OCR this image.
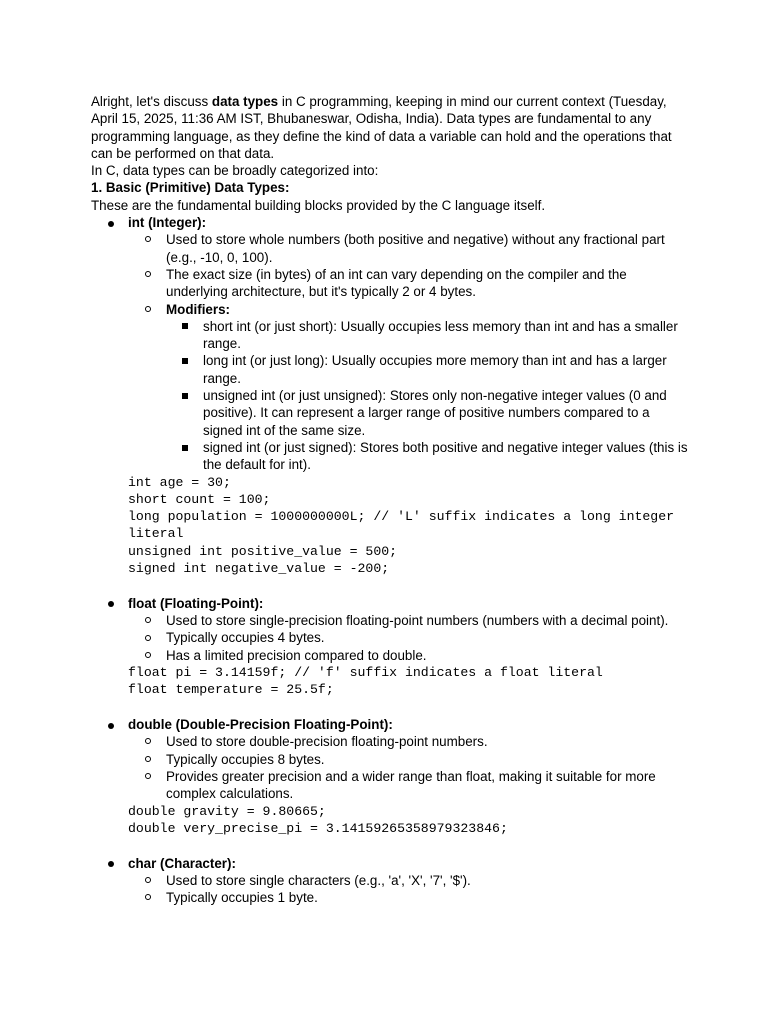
Alright, let's discuss data types in C programming, keeping in mind our current context (Tuesday, April 15, 2025, 11:36 AM IST, Bhubaneswar, Odisha, India). Data types are fundamental to any programming language, as they define the kind of data a variable can hold and the operations that can be performed on that data.

In C, data types can be broadly categorized into:

1. Basic (Primitive) Data Types:

These are the fundamental building blocks provided by the C language itself.

int (Integer):
Used to store whole numbers (both positive and negative) without any fractional part (e.g., -10, 0, 100).
The exact size (in bytes) of an int can vary depending on the compiler and the underlying architecture, but it's typically 2 or 4 bytes.
Modifiers:
short int (or just short): Usually occupies less memory than int and has a smaller range.
long int (or just long): Usually occupies more memory than int and has a larger range.
unsigned int (or just unsigned): Stores only non-negative integer values (0 and positive). It can represent a larger range of positive numbers compared to a signed int of the same size.
signed int (or just signed): Stores both positive and negative integer values (this is the default for int).
int age = 30;
short count = 100;
long population = 1000000000L; // 'L' suffix indicates a long integer literal
unsigned int positive_value = 500;
signed int negative_value = -200;
float (Floating-Point):
Used to store single-precision floating-point numbers (numbers with a decimal point).
Typically occupies 4 bytes.
Has a limited precision compared to double.
float pi = 3.14159f; // 'f' suffix indicates a float literal
float temperature = 25.5f;
double (Double-Precision Floating-Point):
Used to store double-precision floating-point numbers.
Typically occupies 8 bytes.
Provides greater precision and a wider range than float, making it suitable for more complex calculations.
double gravity = 9.80665;
double very_precise_pi = 3.14159265358979323846;
char (Character):
Used to store single characters (e.g., 'a', 'X', '7', '$').
Typically occupies 1 byte.
